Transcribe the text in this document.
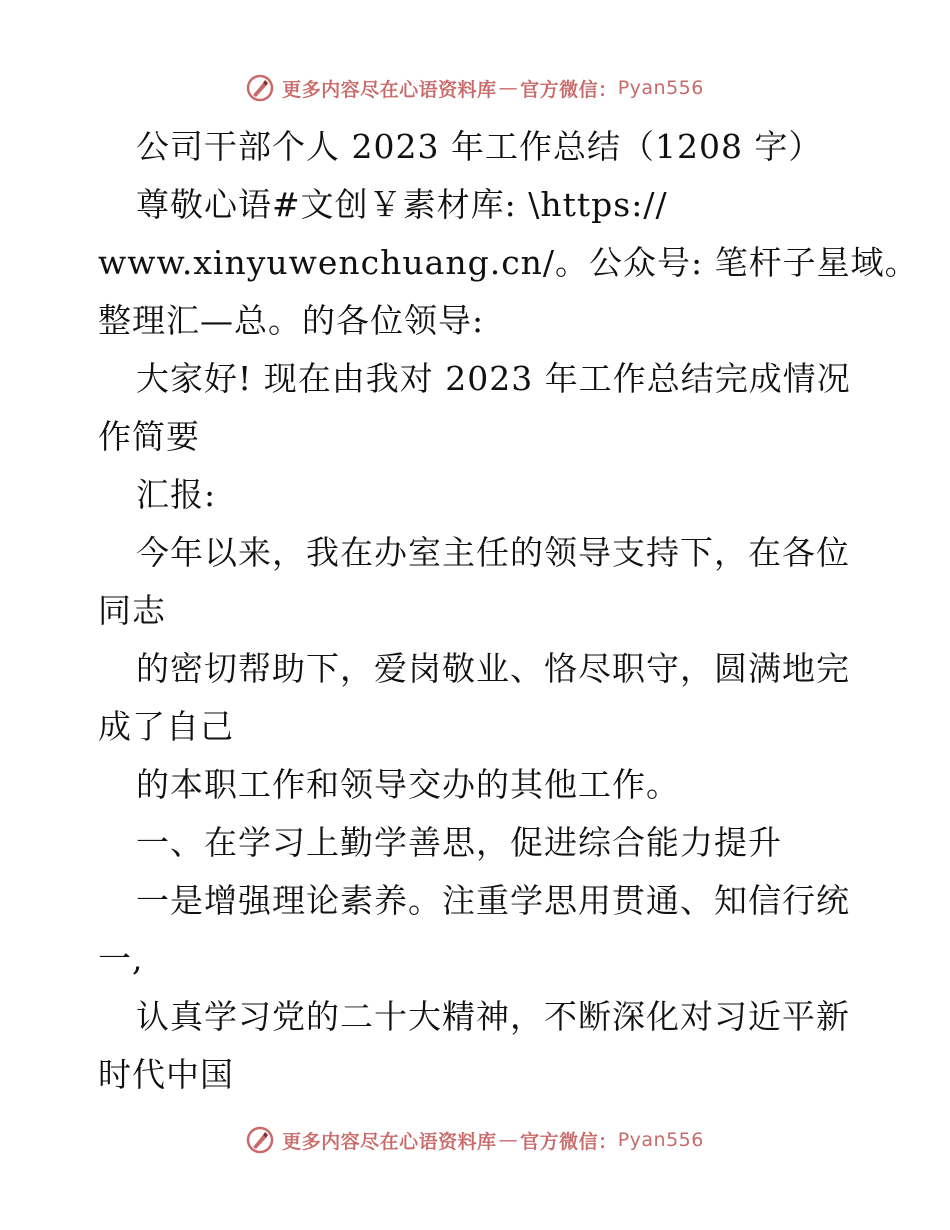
更多内容尽在心语资料库 — 官方微信： Pyan556
公司干部个人 2023 年工作总结（1208 字）
尊敬心语#文创￥素材库: \https://
www.xinyuwenchuang.cn/。公众号: 笔杆子星域。
整理汇—总。的各位领导:
大家好! 现在由我对 2023 年工作总结完成情况
作简要
汇报:
今年以来，我在办室主任的领导支持下，在各位
同志
的密切帮助下，爱岗敬业、恪尽职守，圆满地完
成了自己
的本职工作和领导交办的其他工作。
一、在学习上勤学善思，促进综合能力提升
一是增强理论素养。注重学思用贯通、知信行统
一,
认真学习党的二十大精神，不断深化对习近平新
时代中国
更多内容尽在心语资料库 — 官方微信： Pyan556
